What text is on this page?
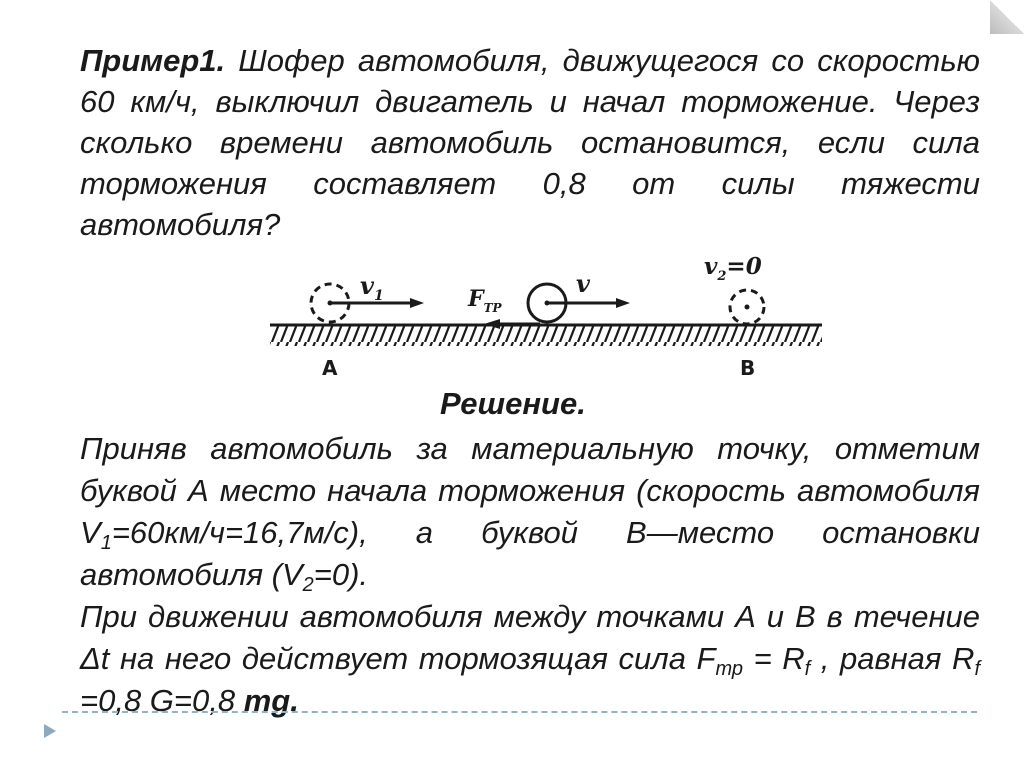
Пример1. Шофер автомобиля, движущегося со скоростью 60 км/ч, выключил двигатель и начал торможение. Через сколько времени автомобиль остановится, если сила торможения составляет 0,8 от силы тяжести автомобиля?
$v_1$	$F_{TP}$
v
$v_2=0$
A	B
Решение.
Приняв автомобиль за материальную точку, отметим буквой А место начала торможения (скорость автомобиля $V_1=60км/ч=16,7м/с$), а буквой В—место остановки автомобиля $(V_2=0)$.
При движении автомобиля между точками А и В в течение Δt на него действует тормозящая сила $F_{тр} = R_f$ , равная $R_f =0,8$ G=0,8 mg.
